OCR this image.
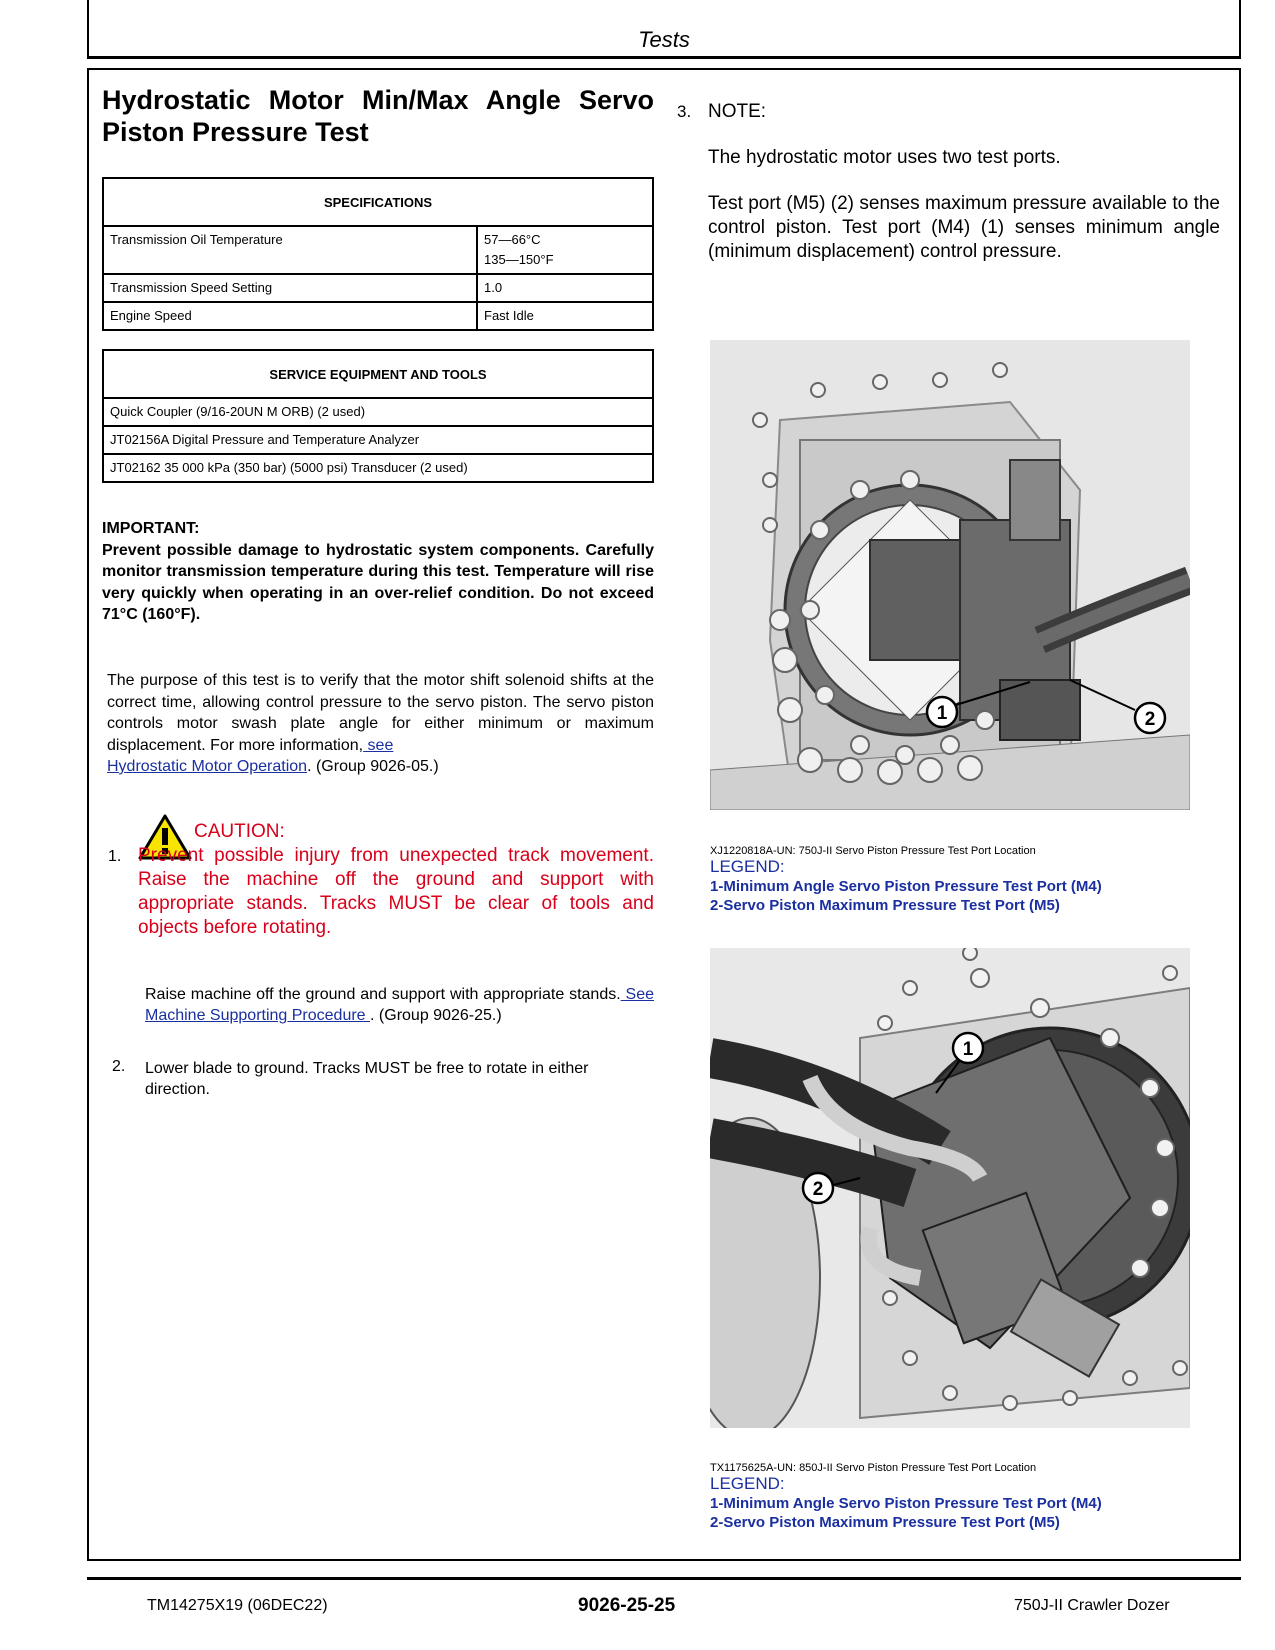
Tests
Hydrostatic Motor Min/Max Angle Servo Piston Pressure Test
SPECIFICATIONS	
Transmission Oil Temperature	57—66°C
135—150°F

Transmission Speed Setting	1.0
Engine Speed	Fast Idle
SERVICE EQUIPMENT AND TOOLS
Quick Coupler (9/16-20UN M ORB) (2 used)
JT02156A Digital Pressure and Temperature Analyzer
JT02162 35 000 kPa (350 bar) (5000 psi) Transducer (2 used)
IMPORTANT:
Prevent possible damage to hydrostatic system components. Carefully monitor transmission temperature during this test. Temperature will rise very quickly when operating in an over-relief condition. Do not exceed 71°C (160°F).

The purpose of this test is to verify that the motor shift solenoid shifts at the correct time, allowing control pressure to the servo piston. The servo piston controls motor swash plate angle for either minimum or maximum displacement. For more information, see
Hydrostatic Motor Operation. (Group 9026-05.)

1.
CAUTION:
Prevent possible injury from unexpected track movement. Raise the machine off the ground and support with appropriate stands. Tracks MUST be clear of tools and objects before rotating.

Raise machine off the ground and support with appropriate stands. See Machine Supporting Procedure . (Group 9026-25.)

2. Lower blade to ground. Tracks MUST be free to rotate in either direction.

3. NOTE:
The hydrostatic motor uses two test ports.
Test port (M5) (2) senses maximum pressure available to the control piston. Test port (M4) (1) senses minimum angle (minimum displacement) control pressure.
1	2
XJ1220818A-UN: 750J-II Servo Piston Pressure Test Port Location
LEGEND:
1-Minimum Angle Servo Piston Pressure Test Port (M4)
2-Servo Piston Maximum Pressure Test Port (M5)
1
2
TX1175625A-UN: 850J-II Servo Piston Pressure Test Port Location
LEGEND:
1-Minimum Angle Servo Piston Pressure Test Port (M4)
2-Servo Piston Maximum Pressure Test Port (M5)
TM14275X19 (06DEC22)	9026-25-25	750J-II Crawler Dozer
